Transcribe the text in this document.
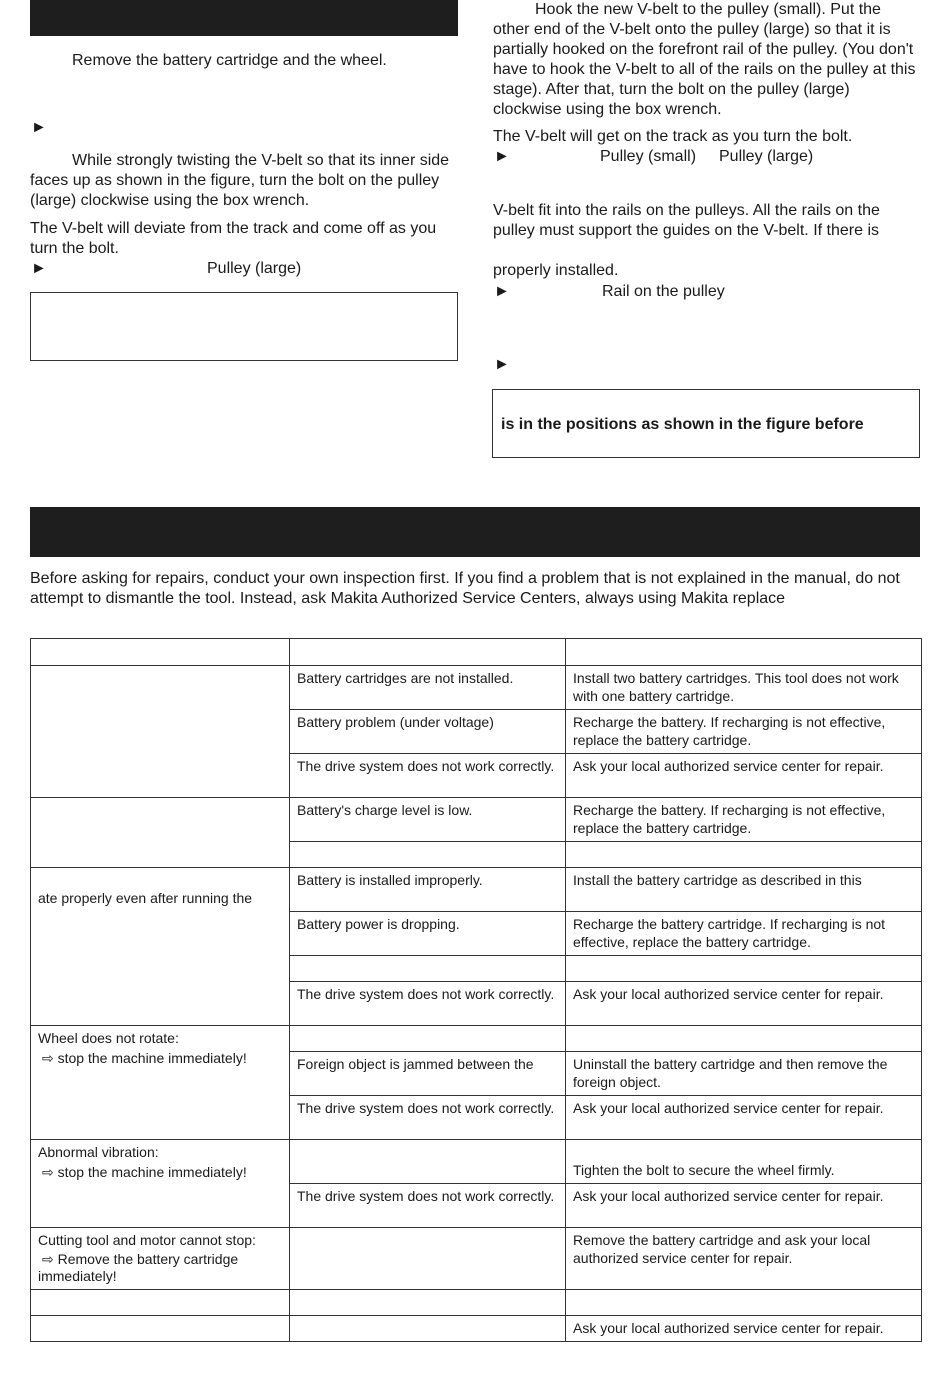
Remove the battery cartridge and the wheel.
►
While strongly twisting the V-belt so that its inner side faces up as shown in the figure, turn the bolt on the pulley (large) clockwise using the box wrench.
The V-belt will deviate from the track and come off as you turn the bolt.
►	Pulley (large)
Hook the new V-belt to the pulley (small). Put the other end of the V-belt onto the pulley (large) so that it is partially hooked on the forefront rail of the pulley. (You don't have to hook the V-belt to all of the rails on the pulley at this stage). After that, turn the bolt on the pulley (large) clockwise using the box wrench.
The V-belt will get on the track as you turn the bolt.
►	Pulley (small) Pulley (large)
V-belt fit into the rails on the pulleys. All the rails on the pulley must support the guides on the V-belt. If there is
properly installed.
►	Rail on the pulley
►
is in the positions as shown in the figure before
Before asking for repairs, conduct your own inspection first. If you find a problem that is not explained in the manual, do not attempt to dismantle the tool. Instead, ask Makita Authorized Service Centers, always using Makita replace

	Battery cartridges are not installed.	Install two battery cartridges. This tool does not work with one battery cartridge.
	Battery problem (under voltage)	Recharge the battery. If recharging is not effective, replace the battery cartridge.
	The drive system does not work correctly.	Ask your local authorized service center for repair.
	Battery's charge level is low.	Recharge the battery. If recharging is not effective, replace the battery cartridge.

ate properly even after running the	Battery is installed improperly.	Install the battery cartridge as described in this
	Battery power is dropping.	Recharge the battery cartridge. If recharging is not effective, replace the battery cartridge.

	The drive system does not work correctly.	Ask your local authorized service center for repair.

Wheel does not rotate:
⇨ stop the machine immediately!		

	Foreign object is jammed between the	Uninstall the battery cartridge and then remove the foreign object.
	The drive system does not work correctly.	Ask your local authorized service center for repair.

Abnormal vibration:
⇨ stop the machine immediately!		Tighten the bolt to secure the wheel firmly.
	The drive system does not work correctly.	Ask your local authorized service center for repair.

Cutting tool and motor cannot stop:
⇨ Remove the battery cartridge immediately!		Remove the battery cartridge and ask your local authorized service center for repair.

		Ask your local authorized service center for repair.
